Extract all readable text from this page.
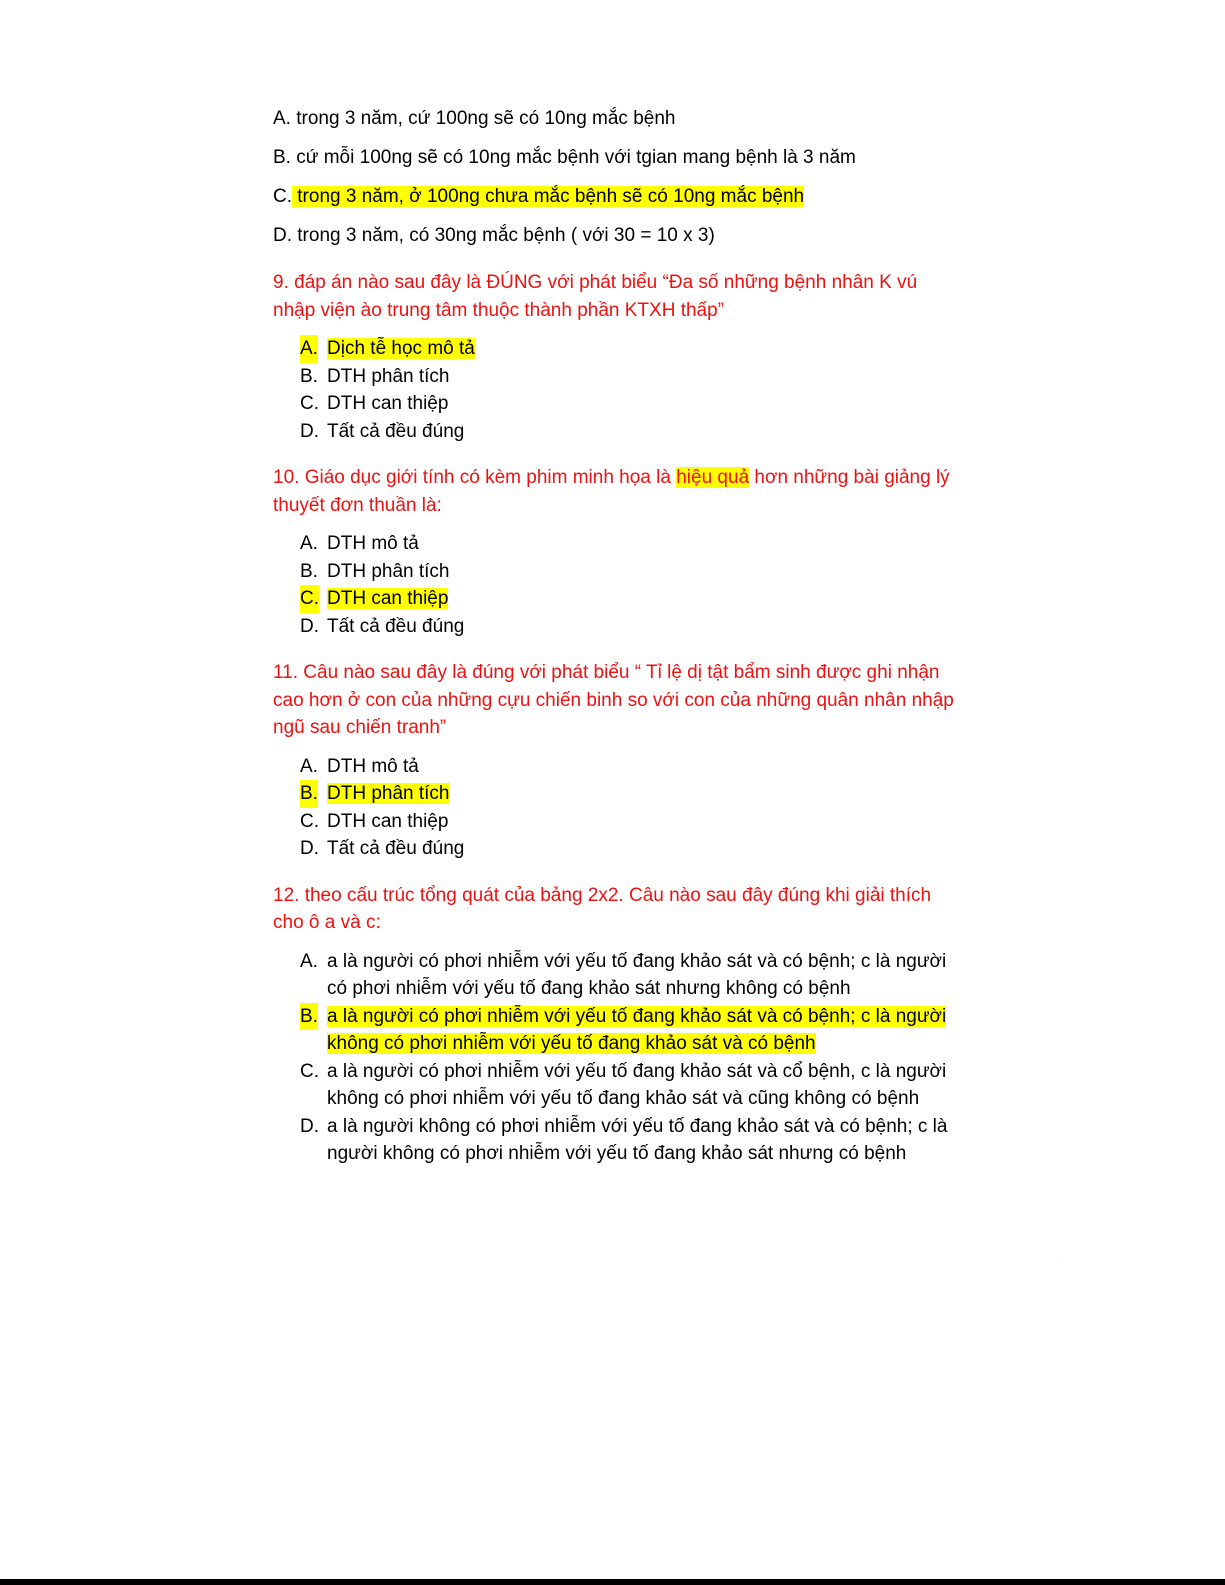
A. trong 3 năm, cứ 100ng sẽ có 10ng mắc bệnh

B. cứ mỗi 100ng sẽ có 10ng mắc bệnh với tgian mang bệnh là 3 năm

C. trong 3 năm, ở 100ng chưa mắc bệnh sẽ có 10ng mắc bệnh

D. trong 3 năm, có 30ng mắc bệnh ( với 30 = 10 x 3)

9. đáp án nào sau đây là ĐÚNG với phát biểu “Đa số những bệnh nhân K vú nhập viện ào trung tâm thuộc thành phần KTXH thấp”

A. Dịch tễ học mô tả
B. DTH phân tích
C. DTH can thiệp
D. Tất cả đều đúng

10. Giáo dục giới tính có kèm phim minh họa là hiệu quả hơn những bài giảng lý thuyết đơn thuần là:

A. DTH mô tả
B. DTH phân tích
C. DTH can thiệp
D. Tất cả đều đúng

11. Câu nào sau đây là đúng với phát biểu “ Tỉ lệ dị tật bẩm sinh được ghi nhận cao hơn ở con của những cựu chiến binh so với con của những quân nhân nhập ngũ sau chiến tranh”

A. DTH mô tả
B. DTH phân tích
C. DTH can thiệp
D. Tất cả đều đúng

12. theo cấu trúc tổng quát của bảng 2x2. Câu nào sau đây đúng khi giải thích cho ô a và c:

A. a là người có phơi nhiễm với yếu tố đang khảo sát và có bệnh; c là người có phơi nhiễm với yếu tố đang khảo sát nhưng không có bệnh
B. a là người có phơi nhiễm với yếu tố đang khảo sát và có bệnh; c là người không có phơi nhiễm với yếu tố đang khảo sát và có bệnh
C. a là người có phơi nhiễm với yếu tố đang khảo sát và cổ bệnh, c là người không có phơi nhiễm với yếu tố đang khảo sát và cũng không có bệnh
D. a là người không có phơi nhiễm với yếu tố đang khảo sát và có bệnh; c là người không có phơi nhiễm với yếu tố đang khảo sát nhưng có bệnh
